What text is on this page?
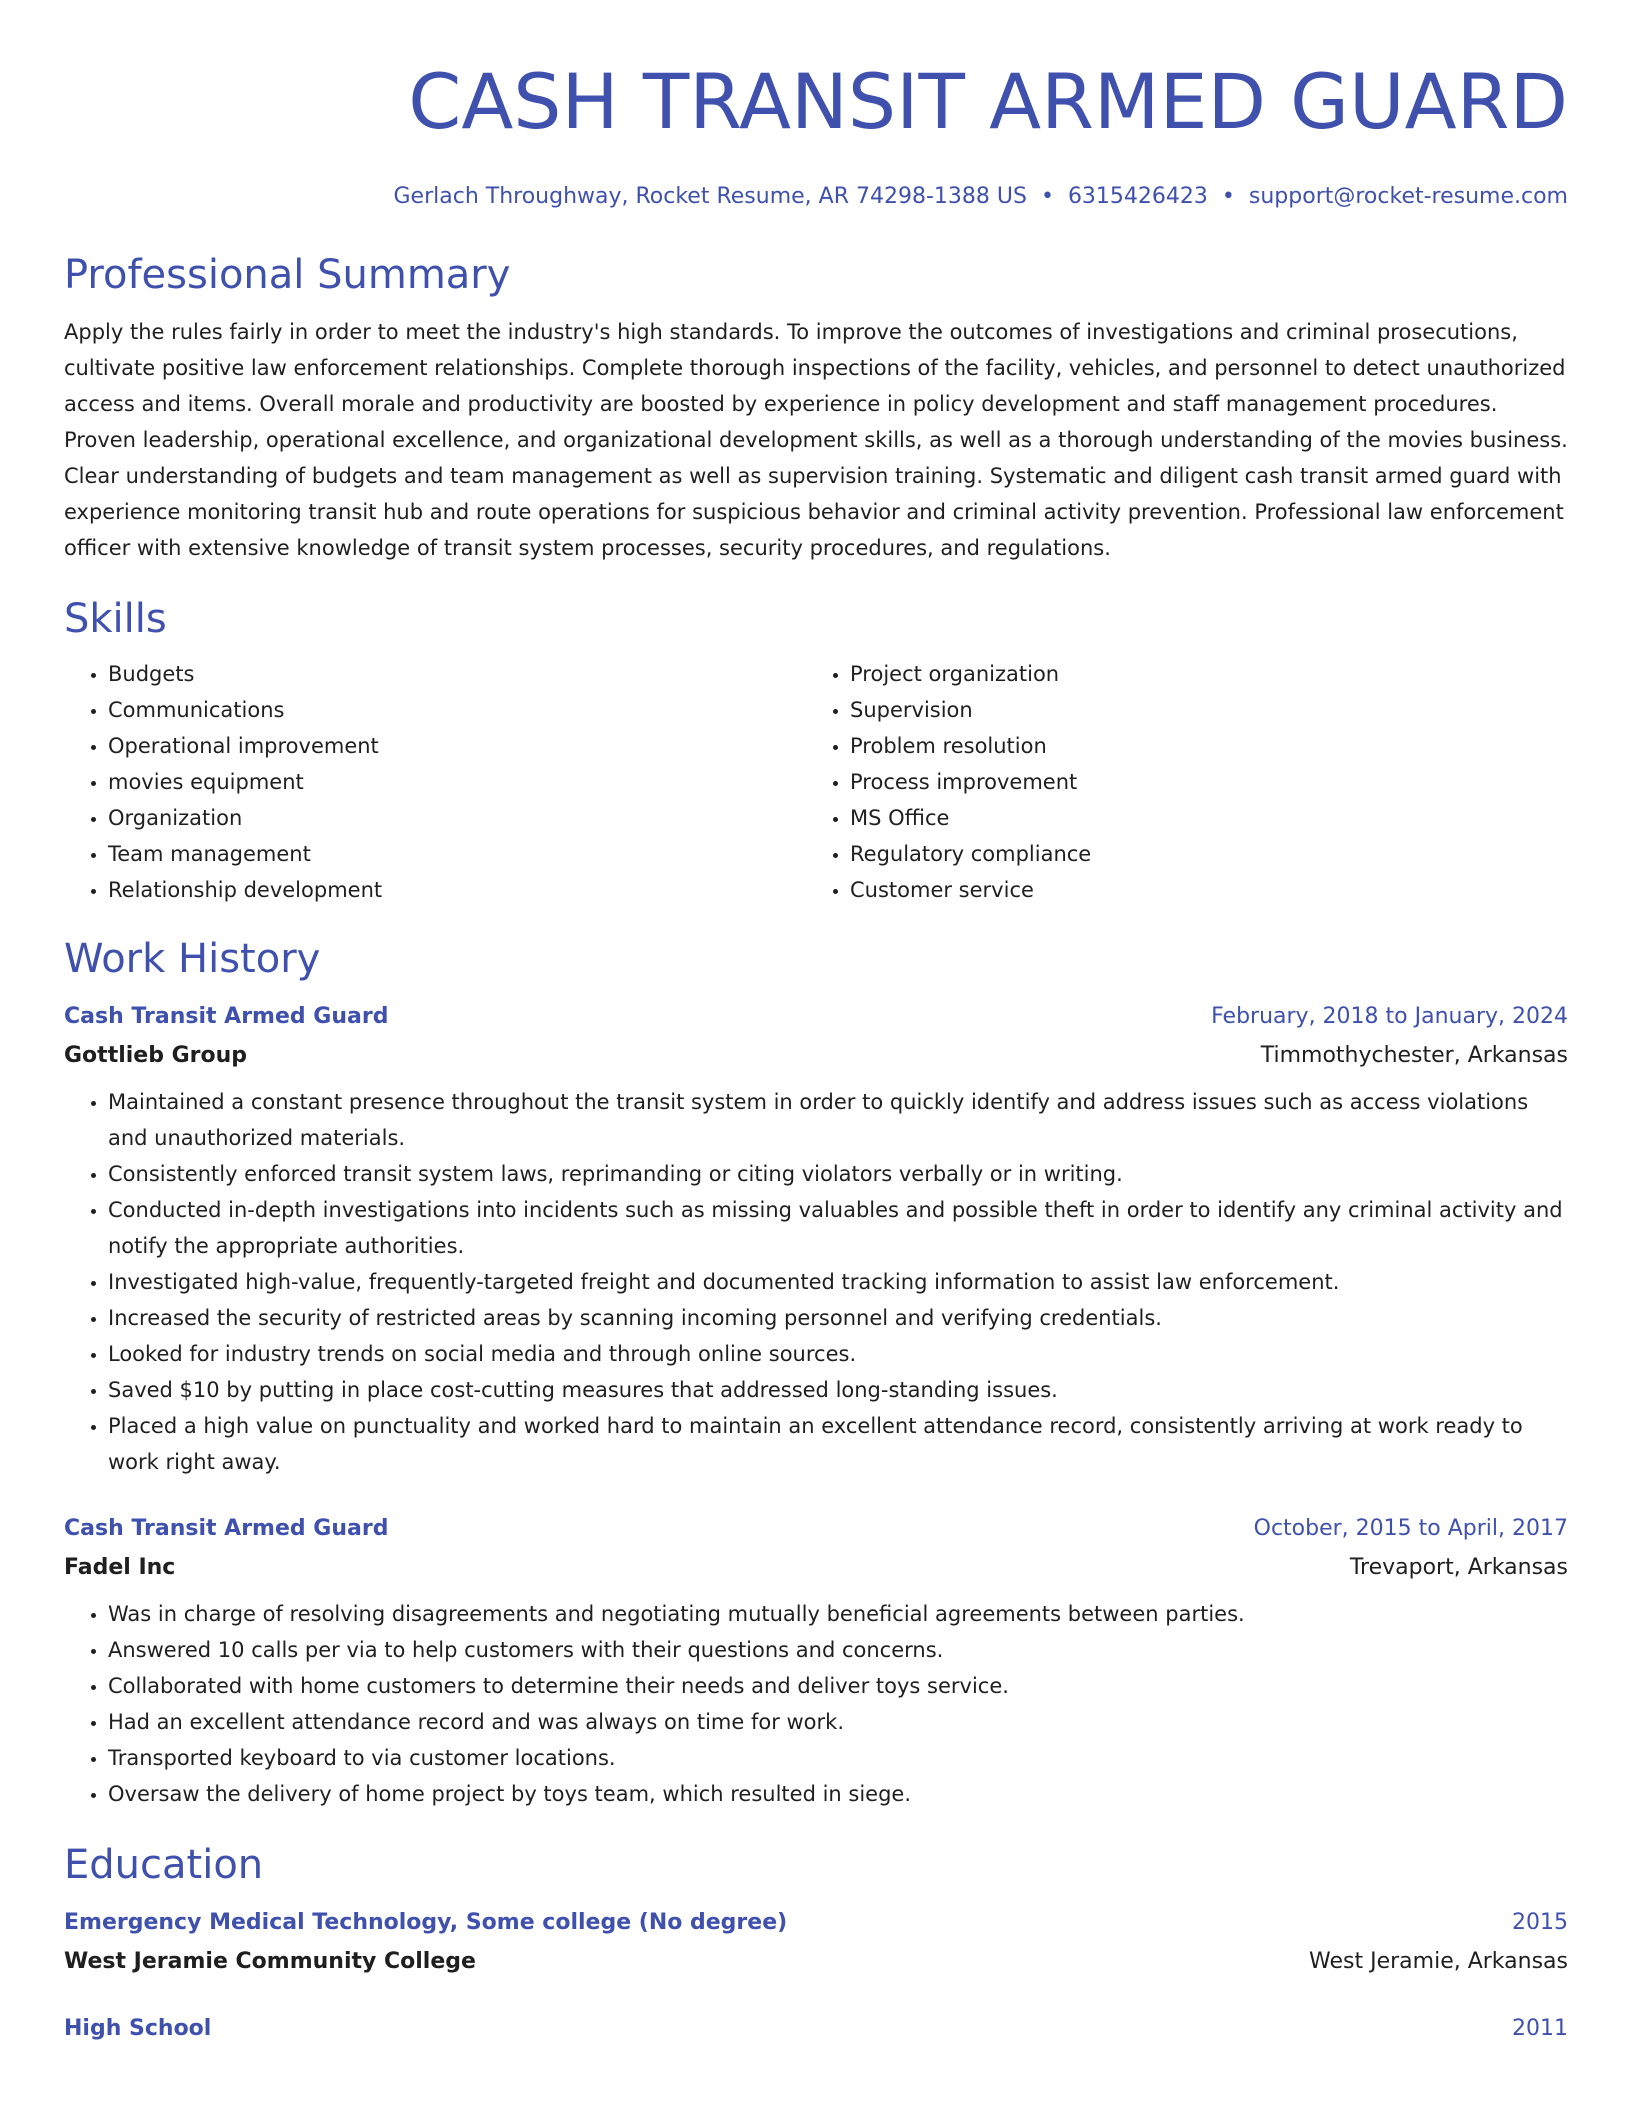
CASH TRANSIT ARMED GUARD
Gerlach Throughway, Rocket Resume, AR 74298-1388 US • 6315426423 • support@rocket-resume.com
Professional Summary
Apply the rules fairly in order to meet the industry's high standards. To improve the outcomes of investigations and criminal prosecutions, cultivate positive law enforcement relationships. Complete thorough inspections of the facility, vehicles, and personnel to detect unauthorized access and items. Overall morale and productivity are boosted by experience in policy development and staff management procedures. Proven leadership, operational excellence, and organizational development skills, as well as a thorough understanding of the movies business. Clear understanding of budgets and team management as well as supervision training. Systematic and diligent cash transit armed guard with experience monitoring transit hub and route operations for suspicious behavior and criminal activity prevention. Professional law enforcement officer with extensive knowledge of transit system processes, security procedures, and regulations.
Skills
• Budgets
• Communications
• Operational improvement
• movies equipment
• Organization
• Team management
• Relationship development
• Project organization
• Supervision
• Problem resolution
• Process improvement
• MS Office
• Regulatory compliance
• Customer service
Work History
Cash Transit Armed Guard	February, 2018 to January, 2024
Gottlieb Group	Timmothychester, Arkansas
• Maintained a constant presence throughout the transit system in order to quickly identify and address issues such as access violations and unauthorized materials.
• Consistently enforced transit system laws, reprimanding or citing violators verbally or in writing.
• Conducted in-depth investigations into incidents such as missing valuables and possible theft in order to identify any criminal activity and notify the appropriate authorities.
• Investigated high-value, frequently-targeted freight and documented tracking information to assist law enforcement.
• Increased the security of restricted areas by scanning incoming personnel and verifying credentials.
• Looked for industry trends on social media and through online sources.
• Saved $10 by putting in place cost-cutting measures that addressed long-standing issues.
• Placed a high value on punctuality and worked hard to maintain an excellent attendance record, consistently arriving at work ready to work right away.
Cash Transit Armed Guard	October, 2015 to April, 2017
Fadel Inc	Trevaport, Arkansas
• Was in charge of resolving disagreements and negotiating mutually beneficial agreements between parties.
• Answered 10 calls per via to help customers with their questions and concerns.
• Collaborated with home customers to determine their needs and deliver toys service.
• Had an excellent attendance record and was always on time for work.
• Transported keyboard to via customer locations.
• Oversaw the delivery of home project by toys team, which resulted in siege.
Education
Emergency Medical Technology, Some college (No degree)	2015
West Jeramie Community College	West Jeramie, Arkansas
High School	2011
